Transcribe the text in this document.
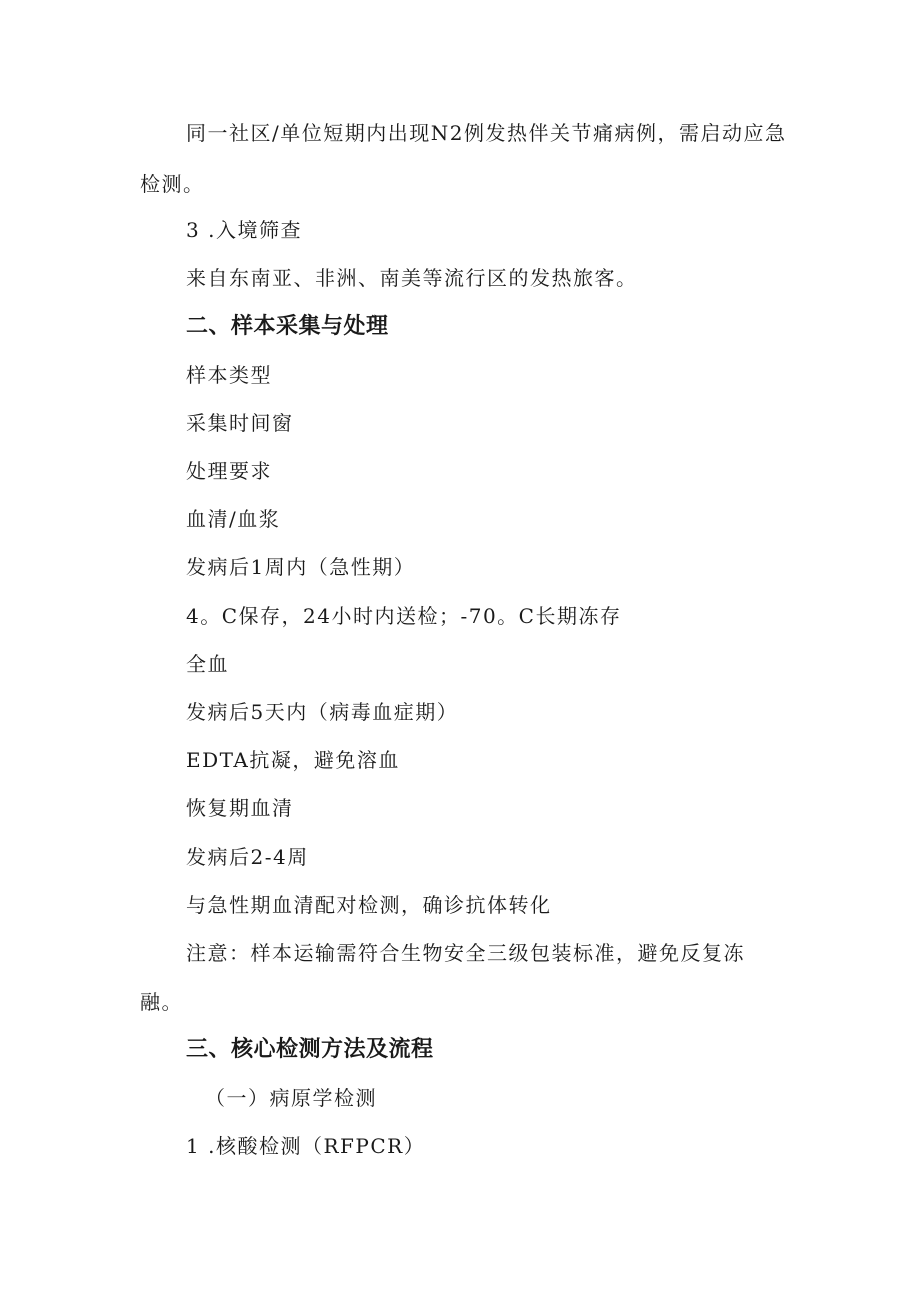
同一社区/单位短期内出现N2例发热伴关节痛病例，需启动应急
检测。
3 .入境筛查
来自东南亚、非洲、南美等流行区的发热旅客。
二、样本采集与处理
样本类型
采集时间窗
处理要求
血清/血浆
发病后1周内（急性期）
4。C保存，24小时内送检；-70。C长期冻存
全血
发病后5天内（病毒血症期）
EDTA抗凝，避免溶血
恢复期血清
发病后2-4周
与急性期血清配对检测，确诊抗体转化
注意：样本运输需符合生物安全三级包装标准，避免反复冻
融。
三、核心检测方法及流程
（一）病原学检测
1 .核酸检测（RFPCR）
